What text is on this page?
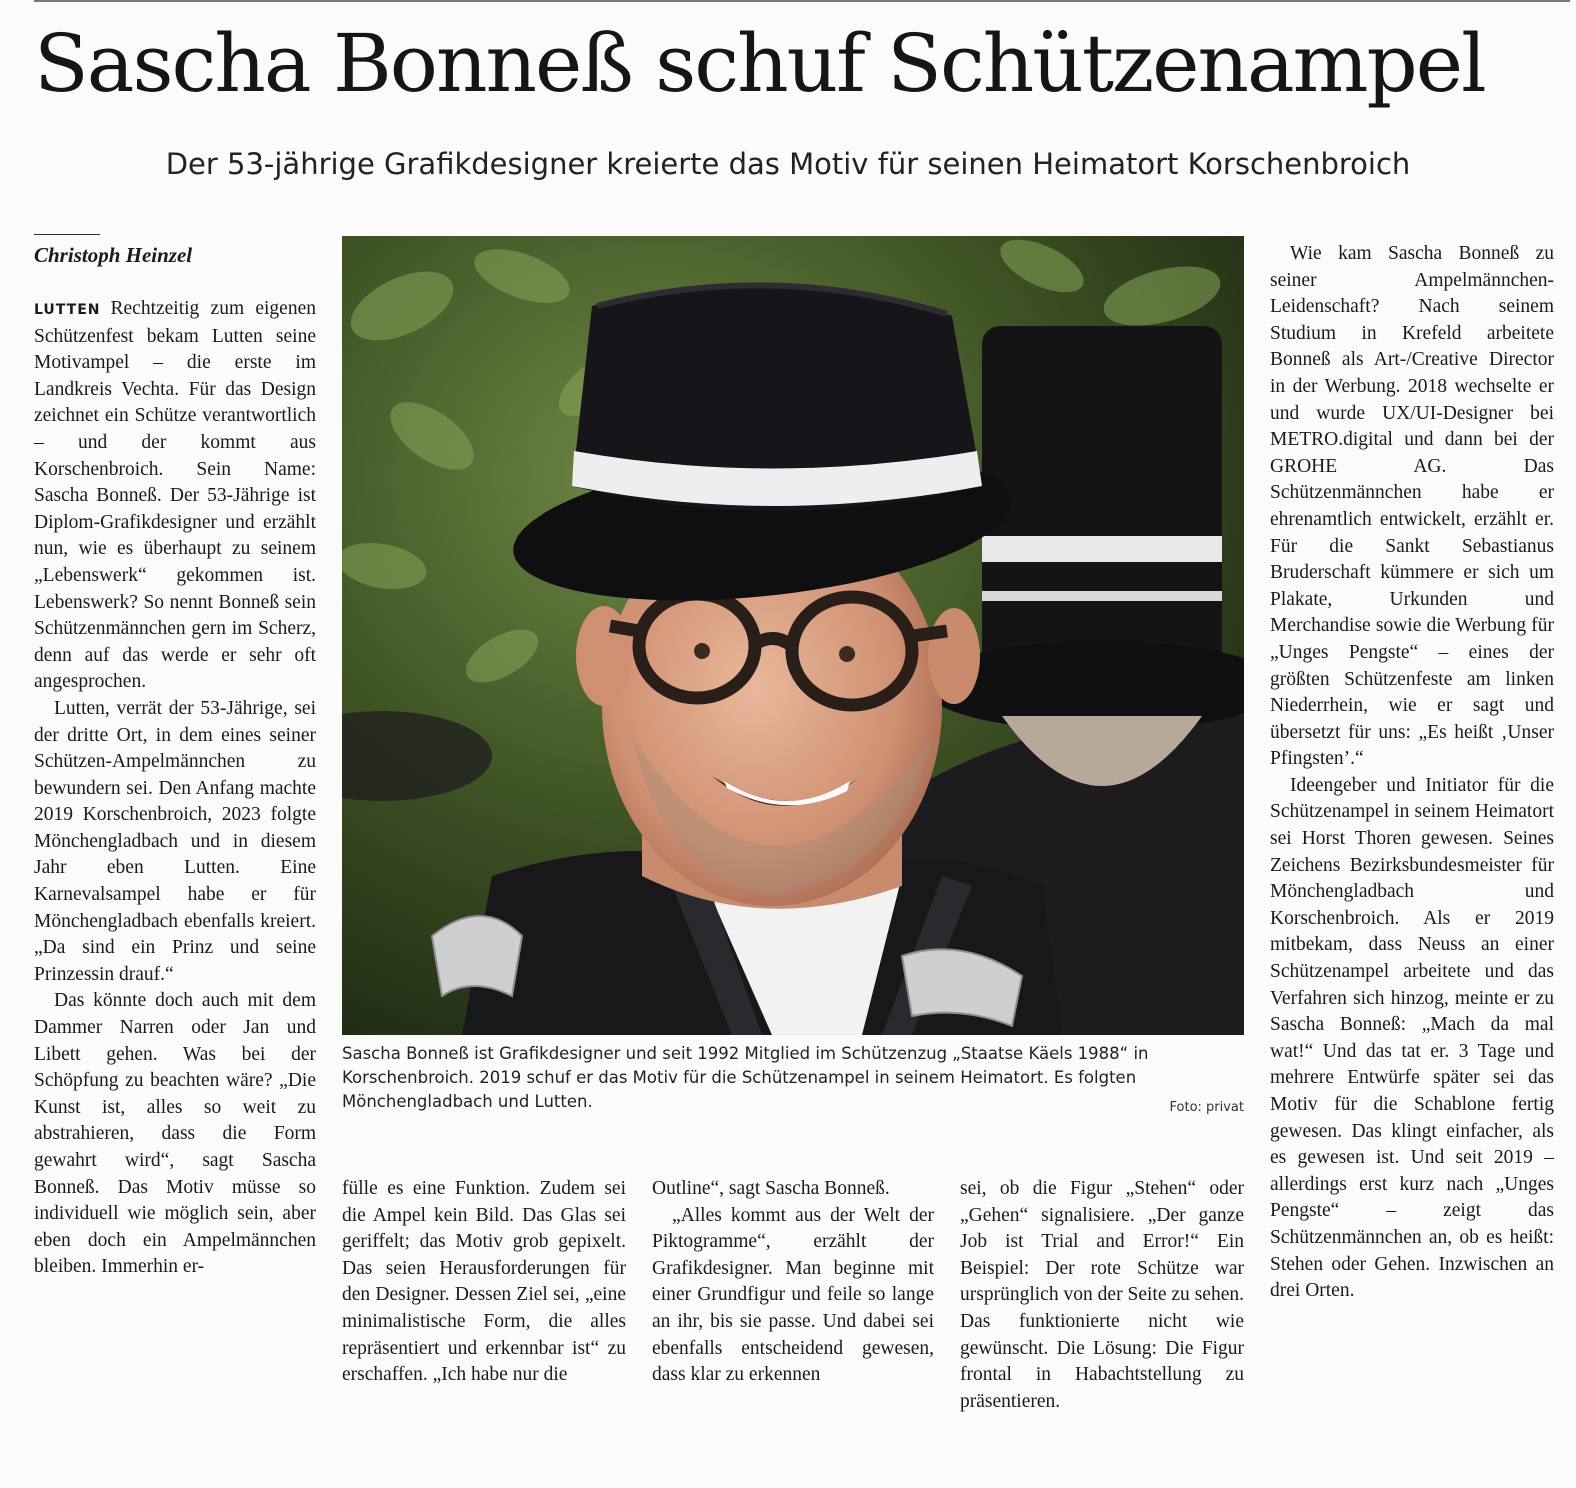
Sascha Bonneß schuf Schützenampel
Der 53-jährige Grafikdesigner kreierte das Motiv für seinen Heimatort Korschenbroich
Christoph Heinzel

LUTTEN Rechtzeitig zum eigenen Schützenfest bekam Lutten seine Motivampel – die erste im Landkreis Vechta. Für das Design zeichnet ein Schütze verantwortlich – und der kommt aus Korschenbroich. Sein Name: Sascha Bonneß. Der 53-Jährige ist Diplom-Grafikdesigner und erzählt nun, wie es überhaupt zu seinem „Lebenswerk“ gekommen ist. Lebenswerk? So nennt Bonneß sein Schützenmännchen gern im Scherz, denn auf das werde er sehr oft angesprochen.

Lutten, verrät der 53-Jährige, sei der dritte Ort, in dem eines seiner Schützen-Ampelmännchen zu bewundern sei. Den Anfang machte 2019 Korschenbroich, 2023 folgte Mönchengladbach und in diesem Jahr eben Lutten. Eine Karnevalsampel habe er für Mönchengladbach ebenfalls kreiert. „Da sind ein Prinz und seine Prinzessin drauf.“

Das könnte doch auch mit dem Dammer Narren oder Jan und Libett gehen. Was bei der Schöpfung zu beachten wäre? „Die Kunst ist, alles so weit zu abstrahieren, dass die Form gewahrt wird“, sagt Sascha Bonneß. Das Motiv müsse so individuell wie möglich sein, aber eben doch ein Ampelmännchen bleiben. Immerhin er-

Sascha Bonneß ist Grafikdesigner und seit 1992 Mitglied im Schützenzug „Staatse Käels 1988“ in Korschenbroich. 2019 schuf er das Motiv für die Schützenampel in seinem Heimatort. Es folgten Mönchengladbach und Lutten.	Foto: privat

fülle es eine Funktion. Zudem sei die Ampel kein Bild. Das Glas sei geriffelt; das Motiv grob gepixelt. Das seien Herausforderungen für den Designer. Dessen Ziel sei, „eine minimalistische Form, die alles repräsentiert und erkennbar ist“ zu erschaffen. „Ich habe nur die

Outline“, sagt Sascha Bonneß.

„Alles kommt aus der Welt der Piktogramme“, erzählt der Grafikdesigner. Man beginne mit einer Grundfigur und feile so lange an ihr, bis sie passe. Und dabei sei ebenfalls entscheidend gewesen, dass klar zu erkennen

sei, ob die Figur „Stehen“ oder „Gehen“ signalisiere. „Der ganze Job ist Trial and Error!“ Ein Beispiel: Der rote Schütze war ursprünglich von der Seite zu sehen. Das funktionierte nicht wie gewünscht. Die Lösung: Die Figur frontal in Habachtstellung zu präsentieren.

Wie kam Sascha Bonneß zu seiner Ampelmännchen-Leidenschaft? Nach seinem Studium in Krefeld arbeitete Bonneß als Art-/Creative Director in der Werbung. 2018 wechselte er und wurde UX/UI-Designer bei METRO.digital und dann bei der GROHE AG. Das Schützenmännchen habe er ehrenamtlich entwickelt, erzählt er. Für die Sankt Sebastianus Bruderschaft kümmere er sich um Plakate, Urkunden und Merchandise sowie die Werbung für „Unges Pengste“ – eines der größten Schützenfeste am linken Niederrhein, wie er sagt und übersetzt für uns: „Es heißt ‚Unser Pfingsten’.“

Ideengeber und Initiator für die Schützenampel in seinem Heimatort sei Horst Thoren gewesen. Seines Zeichens Bezirksbundesmeister für Mönchengladbach und Korschenbroich. Als er 2019 mitbekam, dass Neuss an einer Schützenampel arbeitete und das Verfahren sich hinzog, meinte er zu Sascha Bonneß: „Mach da mal wat!“ Und das tat er. 3 Tage und mehrere Entwürfe später sei das Motiv für die Schablone fertig gewesen. Das klingt einfacher, als es gewesen ist. Und seit 2019 – allerdings erst kurz nach „Unges Pengste“ – zeigt das Schützenmännchen an, ob es heißt: Stehen oder Gehen. Inzwischen an drei Orten.
